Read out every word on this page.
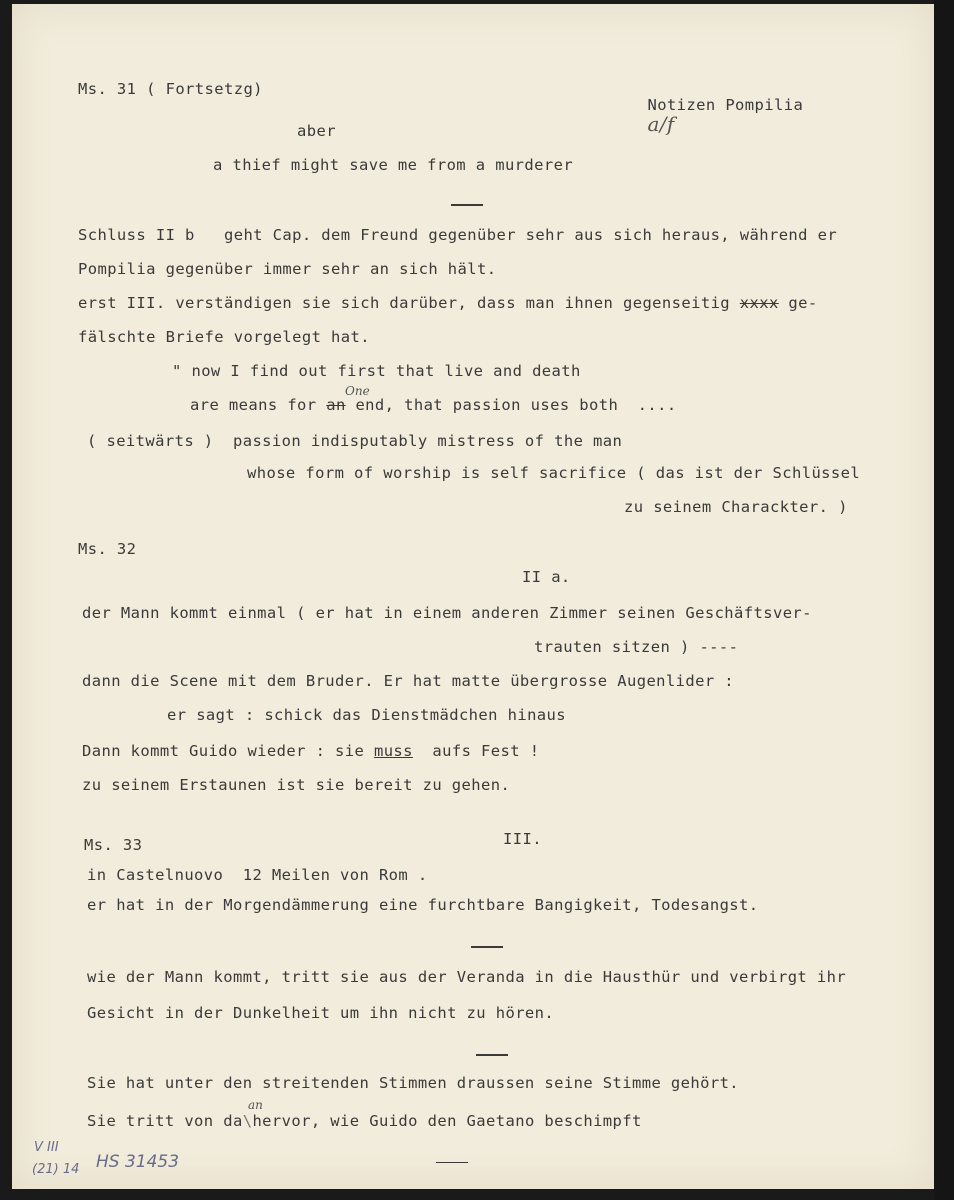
Ms. 31 ( Fortsetzg)

Notizen Pompilia
a/f

aber
a thief might save me from a murderer
Schluss II b   geht Cap. dem Freund gegenüber sehr aus sich heraus, während er
Pompilia gegenüber immer sehr an sich hält.
erst III. verständigen sie sich darüber, dass man ihnen gegenseitig xxxx ge-
fälschte Briefe vorgelegt hat.
" now I find out first that live and death
One
are means for an end, that passion uses both  ....
( seitwärts )  passion indisputably mistress of the man
whose form of worship is self sacrifice ( das ist der Schlüssel
zu seinem Charackter. )
Ms. 32
II a.
der Mann kommt einmal ( er hat in einem anderen Zimmer seinen Geschäftsver-
trauten sitzen ) ----
dann die Scene mit dem Bruder. Er hat matte übergrosse Augenlider :
er sagt : schick das Dienstmädchen hinaus
Dann kommt Guido wieder : sie muss  aufs Fest !
zu seinem Erstaunen ist sie bereit zu gehen.
Ms. 33	III.
in Castelnuovo  12 Meilen von Rom .
er hat in der Morgendämmerung eine furchtbare Bangigkeit, Todesangst.
wie der Mann kommt, tritt sie aus der Veranda in die Hausthür und verbirgt ihr
Gesicht in der Dunkelheit um ihn nicht zu hören.
Sie hat unter den streitenden Stimmen draussen seine Stimme gehört.
an
Sie tritt von da\hervor, wie Guido den Gaetano beschimpft
V III
(21) 14 HS 31453
